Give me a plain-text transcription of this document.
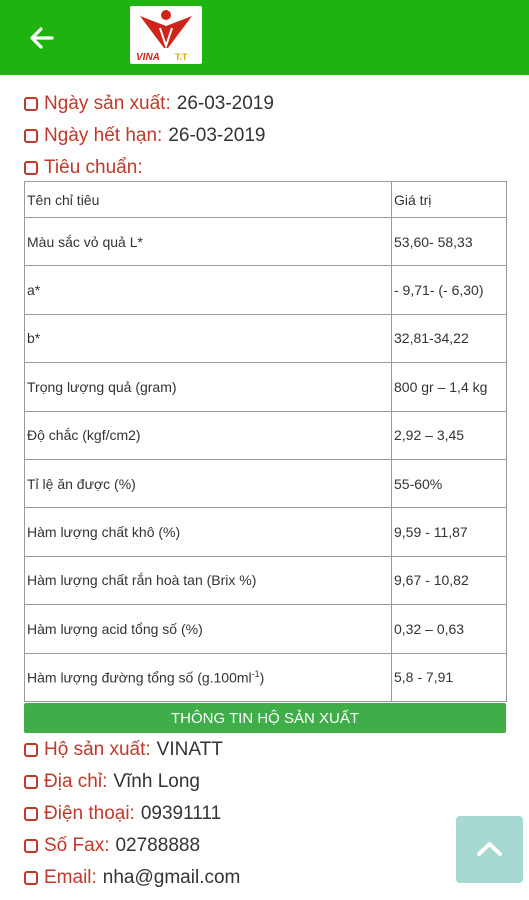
VINA T.T
Ngày sản xuất: 26-03-2019
Ngày hết hạn: 26-03-2019
Tiêu chuẩn:
Tên chỉ tiêu	Giá trị
Màu sắc vỏ quả L*	53,60- 58,33
a*	- 9,71- (- 6,30)
b*	32,81-34,22
Trọng lượng quả (gram)	800 gr – 1,4 kg
Độ chắc (kgf/cm2)	2,92 – 3,45
Tỉ lệ ăn được (%)	55-60%
Hàm lượng chất khô (%)	9,59 - 11,87
Hàm lượng chất rắn hoà tan (Brix %)	9,67 - 10,82
Hàm lượng acid tổng số (%)	0,32 – 0,63
Hàm lượng đường tổng số $(g.100ml^{-1})$	5,8 - 7,91
THÔNG TIN HỘ SẢN XUẤT
Hộ sản xuất: VINATT
Địa chỉ: Vĩnh Long
Điện thoại: 09391111
Số Fax: 02788888
Email: nha@gmail.com
